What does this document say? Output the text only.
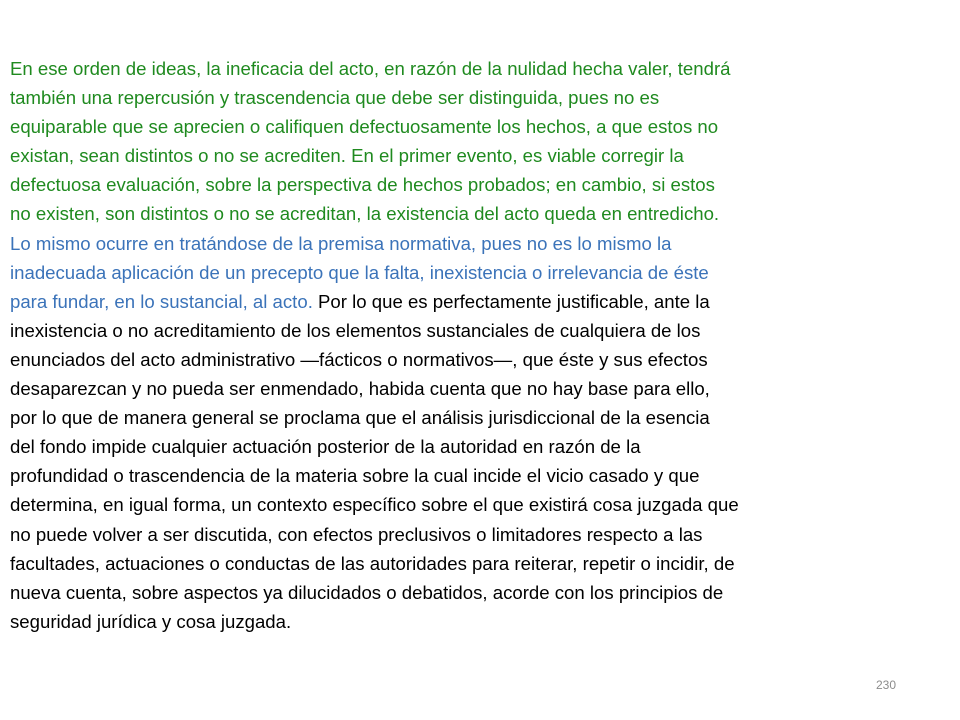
En ese orden de ideas, la ineficacia del acto, en razón de la nulidad hecha valer, tendrá
también una repercusión y trascendencia que debe ser distinguida, pues no es
equiparable que se aprecien o califiquen defectuosamente los hechos, a que estos no
existan, sean distintos o no se acrediten. En el primer evento, es viable corregir la
defectuosa evaluación, sobre la perspectiva de hechos probados; en cambio, si estos
no existen, son distintos o no se acreditan, la existencia del acto queda en entredicho.
Lo mismo ocurre en tratándose de la premisa normativa, pues no es lo mismo la
inadecuada aplicación de un precepto que la falta, inexistencia o irrelevancia de éste
para fundar, en lo sustancial, al acto. Por lo que es perfectamente justificable, ante la
inexistencia o no acreditamiento de los elementos sustanciales de cualquiera de los
enunciados del acto administrativo —fácticos o normativos—, que éste y sus efectos
desaparezcan y no pueda ser enmendado, habida cuenta que no hay base para ello,
por lo que de manera general se proclama que el análisis jurisdiccional de la esencia
del fondo impide cualquier actuación posterior de la autoridad en razón de la
profundidad o trascendencia de la materia sobre la cual incide el vicio casado y que
determina, en igual forma, un contexto específico sobre el que existirá cosa juzgada que
no puede volver a ser discutida, con efectos preclusivos o limitadores respecto a las
facultades, actuaciones o conductas de las autoridades para reiterar, repetir o incidir, de
nueva cuenta, sobre aspectos ya dilucidados o debatidos, acorde con los principios de
seguridad jurídica y cosa juzgada.

230
